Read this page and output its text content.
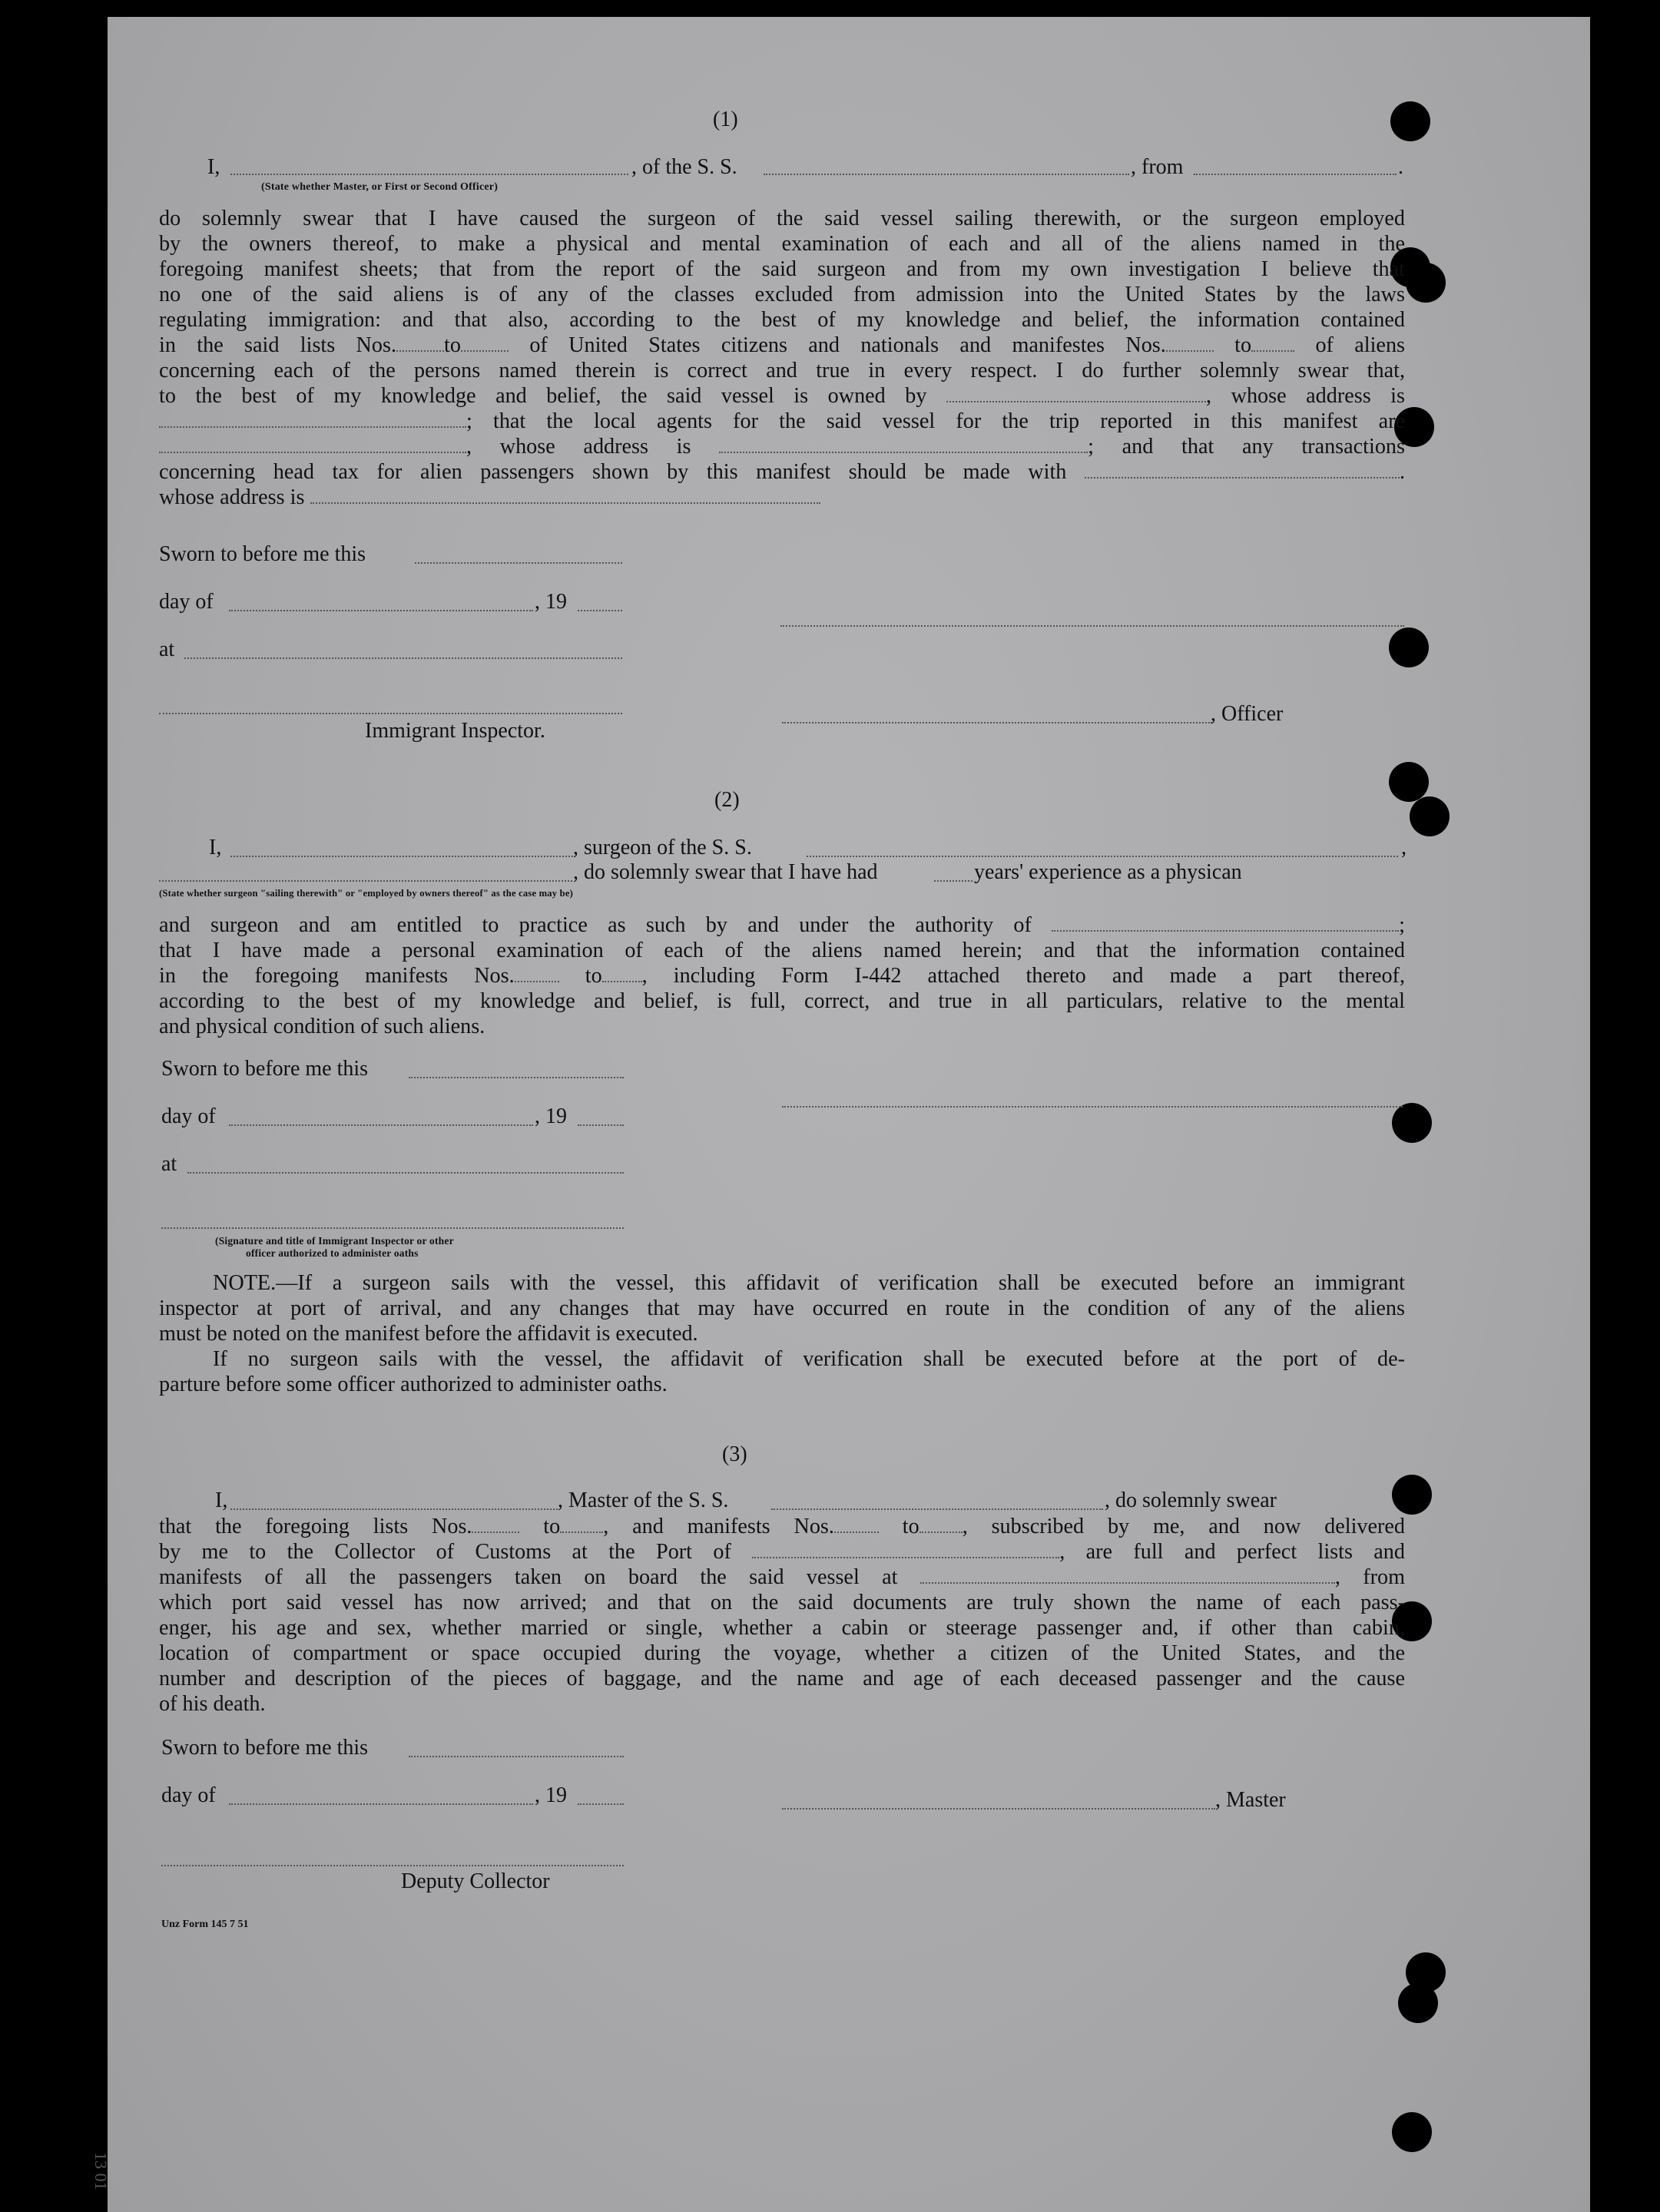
(1)
I,	, of the S. S.	, from	.
(State whether Master, or First or Second Officer)
do solemnly swear that I have caused the surgeon of the said vessel sailing therewith, or the surgeon employed
by the owners thereof, to make a physical and mental examination of each and all of the aliens named in the
foregoing manifest sheets; that from the report of the said surgeon and from my own investigation I believe that
no one of the said aliens is of any of the classes excluded from admission into the United States by the laws
regulating immigration: and that also, according to the best of my knowledge and belief, the information contained
in the said lists Nos. to	of United States citizens and nationals and manifestes Nos.	to	of aliens
concerning each of the persons named therein is correct and true in every respect. I do further solemnly swear that,
to the best of my knowledge and belief, the said vessel is owned by	, whose address is
; that the local agents for the said vessel for the trip reported in this manifest are
, whose address is	; and that any transactions
concerning head tax for alien passengers shown by this manifest should be made with	.
whose address is
Sworn to before me this
day of	, 19
at
, Officer
Immigrant Inspector.
(2)
I,	, surgeon of the S. S.	,
, do solemnly swear that I have had	years' experience as a physican
(State whether surgeon "sailing therewith" or "employed by owners thereof" as the case may be)
and surgeon and am entitled to practice as such by and under the authority of	;
that I have made a personal examination of each of the aliens named herein; and that the information contained
in the foregoing manifests Nos.	to , including Form I-442 attached thereto and made a part thereof,
according to the best of my knowledge and belief, is full, correct, and true in all particulars, relative to the mental
and physical condition of such aliens.
Sworn to before me this
day of	, 19
at
(Signature and title of Immigrant Inspector or other
officer authorized to administer oaths
NOTE.—If a surgeon sails with the vessel, this affidavit of verification shall be executed before an immigrant
inspector at port of arrival, and any changes that may have occurred en route in the condition of any of the aliens
must be noted on the manifest before the affidavit is executed.
If no surgeon sails with the vessel, the affidavit of verification shall be executed before at the port of de-
parture before some officer authorized to administer oaths.
(3)
I,	, Master of the S. S.	, do solemnly swear
that the foregoing lists Nos.	to , and manifests Nos.	to , subscribed by me, and now delivered
by me to the Collector of Customs at the Port of	, are full and perfect lists and
manifests of all the passengers taken on board the said vessel at	, from
which port said vessel has now arrived; and that on the said documents are truly shown the name of each pass-
enger, his age and sex, whether married or single, whether a cabin or steerage passenger and, if other than cabin,
location of compartment or space occupied during the voyage, whether a citizen of the United States, and the
number and description of the pieces of baggage, and the name and age of each deceased passenger and the cause
of his death.
Sworn to before me this
day of	, 19	, Master
Deputy Collector
Unz Form 145 7 51
13 01
